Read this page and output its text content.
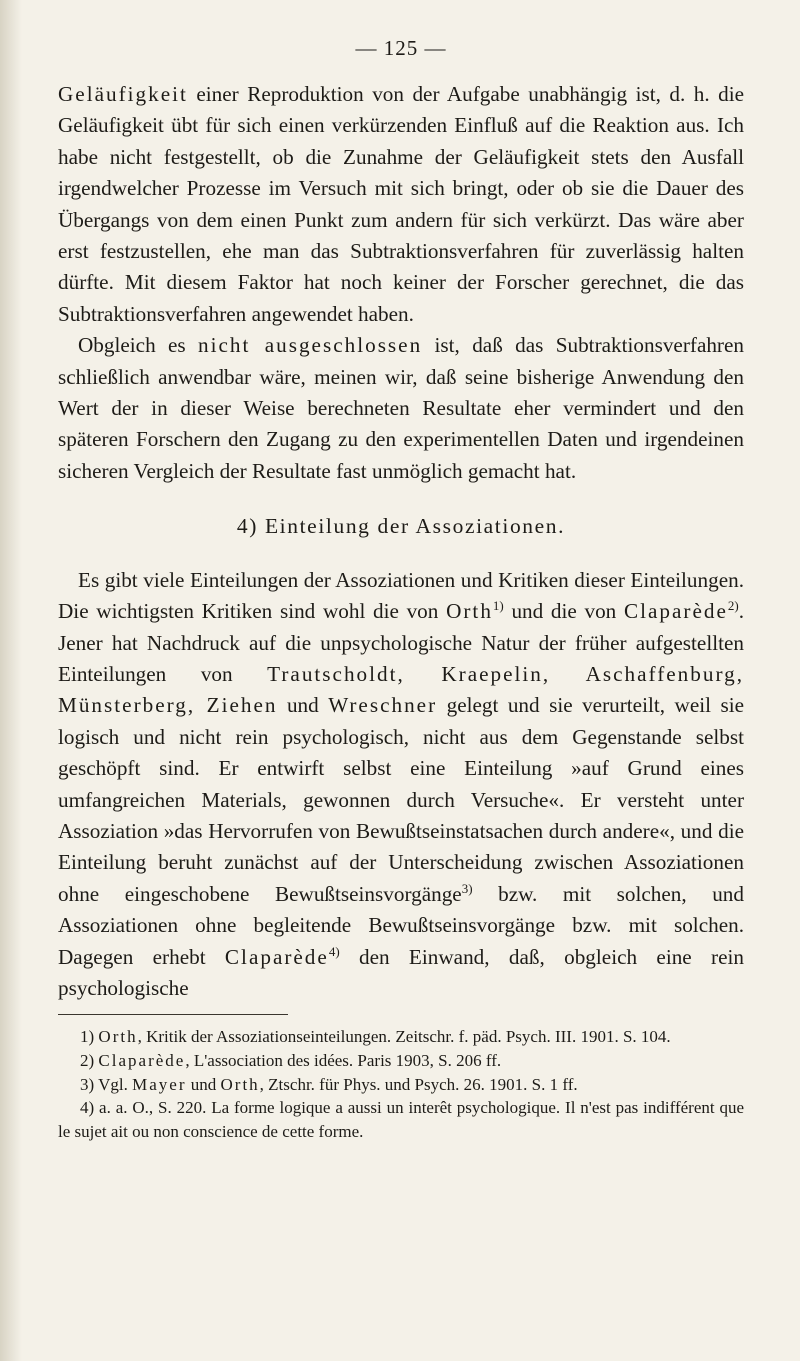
— 125 —

Geläufigkeit einer Reproduktion von der Aufgabe unabhängig ist, d. h. die Geläufigkeit übt für sich einen verkürzenden Einfluß auf die Reaktion aus. Ich habe nicht festgestellt, ob die Zunahme der Geläufigkeit stets den Ausfall irgendwelcher Prozesse im Versuch mit sich bringt, oder ob sie die Dauer des Übergangs von dem einen Punkt zum andern für sich verkürzt. Das wäre aber erst festzustellen, ehe man das Subtraktionsverfahren für zuverlässig halten dürfte. Mit diesem Faktor hat noch keiner der Forscher gerechnet, die das Subtraktionsverfahren angewendet haben.

Obgleich es nicht ausgeschlossen ist, daß das Subtraktionsverfahren schließlich anwendbar wäre, meinen wir, daß seine bisherige Anwendung den Wert der in dieser Weise berechneten Resultate eher vermindert und den späteren Forschern den Zugang zu den experimentellen Daten und irgendeinen sicheren Vergleich der Resultate fast unmöglich gemacht hat.

4) Einteilung der Assoziationen.

Es gibt viele Einteilungen der Assoziationen und Kritiken dieser Einteilungen. Die wichtigsten Kritiken sind wohl die von Orth$^{1)}$ und die von Claparède$^{2)}$. Jener hat Nachdruck auf die unpsychologische Natur der früher aufgestellten Einteilungen von Trautscholdt, Kraepelin, Aschaffenburg, Münsterberg, Ziehen und Wreschner gelegt und sie verurteilt, weil sie logisch und nicht rein psychologisch, nicht aus dem Gegenstande selbst geschöpft sind. Er entwirft selbst eine Einteilung »auf Grund eines umfangreichen Materials, gewonnen durch Versuche«. Er versteht unter Assoziation »das Hervorrufen von Bewußtseinstatsachen durch andere«, und die Einteilung beruht zunächst auf der Unterscheidung zwischen Assoziationen ohne eingeschobene Bewußtseinsvorgänge$^{3)}$ bzw. mit solchen, und Assoziationen ohne begleitende Bewußtseinsvorgänge bzw. mit solchen. Dagegen erhebt Claparède$^{4)}$ den Einwand, daß, obgleich eine rein psychologische

1) Orth, Kritik der Assoziationseinteilungen. Zeitschr. f. päd. Psych. III. 1901. S. 104.

2) Claparède, L'association des idées. Paris 1903, S. 206 ff.

3) Vgl. Mayer und Orth, Ztschr. für Phys. und Psych. 26. 1901. S. 1 ff.

4) a. a. O., S. 220. La forme logique a aussi un interêt psychologique. Il n'est pas indifférent que le sujet ait ou non conscience de cette forme.
